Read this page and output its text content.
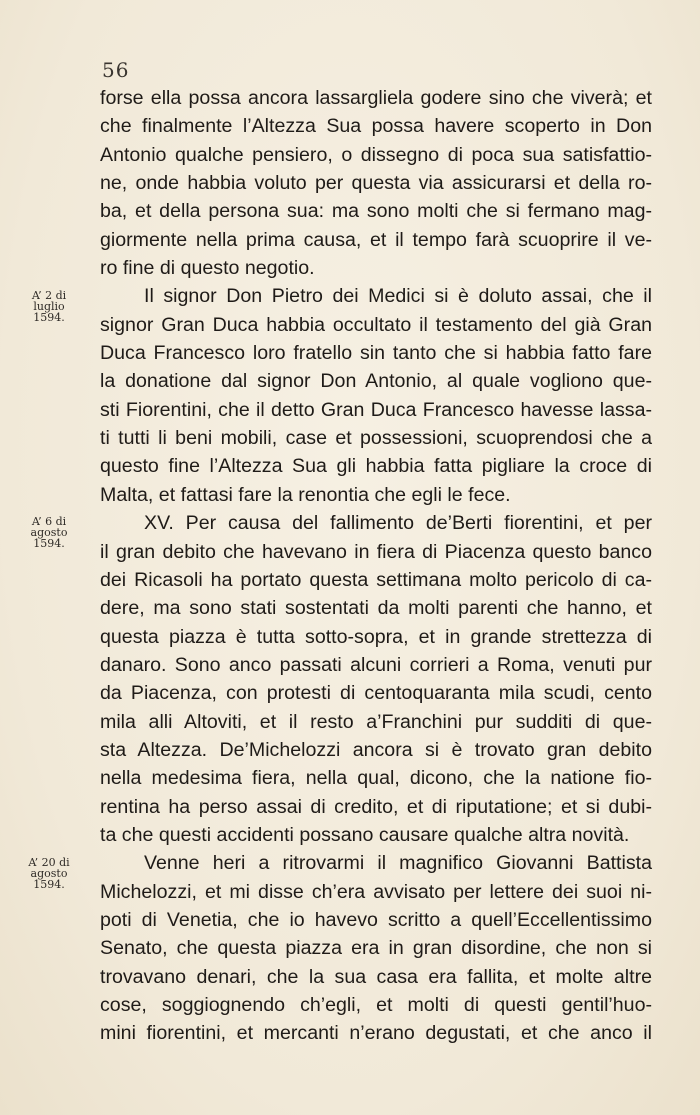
56
forse ella possa ancora lassargliela godere sino che viverà; et
che finalmente l’Altezza Sua possa havere scoperto in Don
Antonio qualche pensiero, o dissegno di poca sua satisfattio-
ne, onde habbia voluto per questa via assicurarsi et della ro-
ba, et della persona sua: ma sono molti che si fermano mag-
giormente nella prima causa, et il tempo farà scuoprire il ve-
ro fine di questo negotio.
Il signor Don Pietro dei Medici si è doluto assai, che il
signor Gran Duca habbia occultato il testamento del già Gran
Duca Francesco loro fratello sin tanto che si habbia fatto fare
la donatione dal signor Don Antonio, al quale vogliono que-
sti Fiorentini, che il detto Gran Duca Francesco havesse lassa-
ti tutti li beni mobili, case et possessioni, scuoprendosi che a
questo fine l’Altezza Sua gli habbia fatta pigliare la croce di
Malta, et fattasi fare la renontia che egli le fece.
XV. Per causa del fallimento de’Berti fiorentini, et per
il gran debito che havevano in fiera di Piacenza questo banco
dei Ricasoli ha portato questa settimana molto pericolo di ca-
dere, ma sono stati sostentati da molti parenti che hanno, et
questa piazza è tutta sotto-sopra, et in grande strettezza di
danaro. Sono anco passati alcuni corrieri a Roma, venuti pur
da Piacenza, con protesti di centoquaranta mila scudi, cento
mila alli Altoviti, et il resto a’Franchini pur sudditi di que-
sta Altezza. De’Michelozzi ancora si è trovato gran debito
nella medesima fiera, nella qual, dicono, che la natione fio-
rentina ha perso assai di credito, et di riputatione; et si dubi-
ta che questi accidenti possano causare qualche altra novità.
Venne heri a ritrovarmi il magnifico Giovanni Battista
Michelozzi, et mi disse ch’era avvisato per lettere dei suoi ni-
poti di Venetia, che io havevo scritto a quell’Eccellentissimo
Senato, che questa piazza era in gran disordine, che non si
trovavano denari, che la sua casa era fallita, et molte altre
cose, soggiognendo ch’egli, et molti di questi gentil’huo-
mini fiorentini, et mercanti n’erano degustati, et che anco il
A’ 2 di
luglio
1594.
A’ 6 di
agosto
1594.
A’ 20 di
agosto
1594.
